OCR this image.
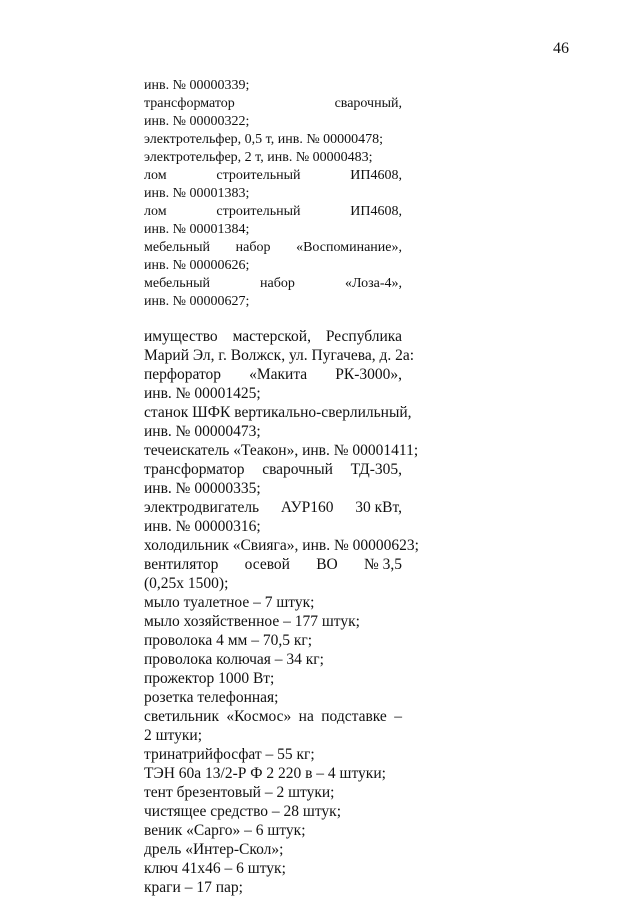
46
инв. № 00000339;
трансформатор	сварочный,
инв. № 00000322;
электротельфер, 0,5 т, инв. № 00000478;
электротельфер, 2 т, инв. № 00000483;
лом	строительный	ИП4608,
инв. № 00001383;
лом	строительный	ИП4608,
инв. № 00001384;
мебельный набор «Воспоминание»,
инв. № 00000626;
мебельный	набор	«Лоза-4»,
инв. № 00000627;
имущество мастерской, Республика
Марий Эл, г. Волжск, ул. Пугачева, д. 2а:
перфоратор «Макита РК-3000»,
инв. № 00001425;
станок ШФК вертикально-сверлильный,
инв. № 00000473;
течеискатель «Теакон», инв. № 00001411;
трансформатор сварочный ТД-305,
инв. № 00000335;
электродвигатель АУР160 30 кВт,
инв. № 00000316;
холодильник «Свияга», инв. № 00000623;
вентилятор осевой ВО № 3,5
(0,25х 1500);
мыло туалетное – 7 штук;
мыло хозяйственное – 177 штук;
проволока 4 мм – 70,5 кг;
проволока колючая – 34 кг;
прожектор 1000 Вт;
розетка телефонная;
светильник «Космос» на подставке –
2 штуки;
тринатрийфосфат – 55 кг;
ТЭН 60а 13/2-Р Ф 2 220 в – 4 штуки;
тент брезентовый – 2 штуки;
чистящее средство – 28 штук;
веник «Сарго» – 6 штук;
дрель «Интер-Скол»;
ключ 41х46 – 6 штук;
краги – 17 пар;
